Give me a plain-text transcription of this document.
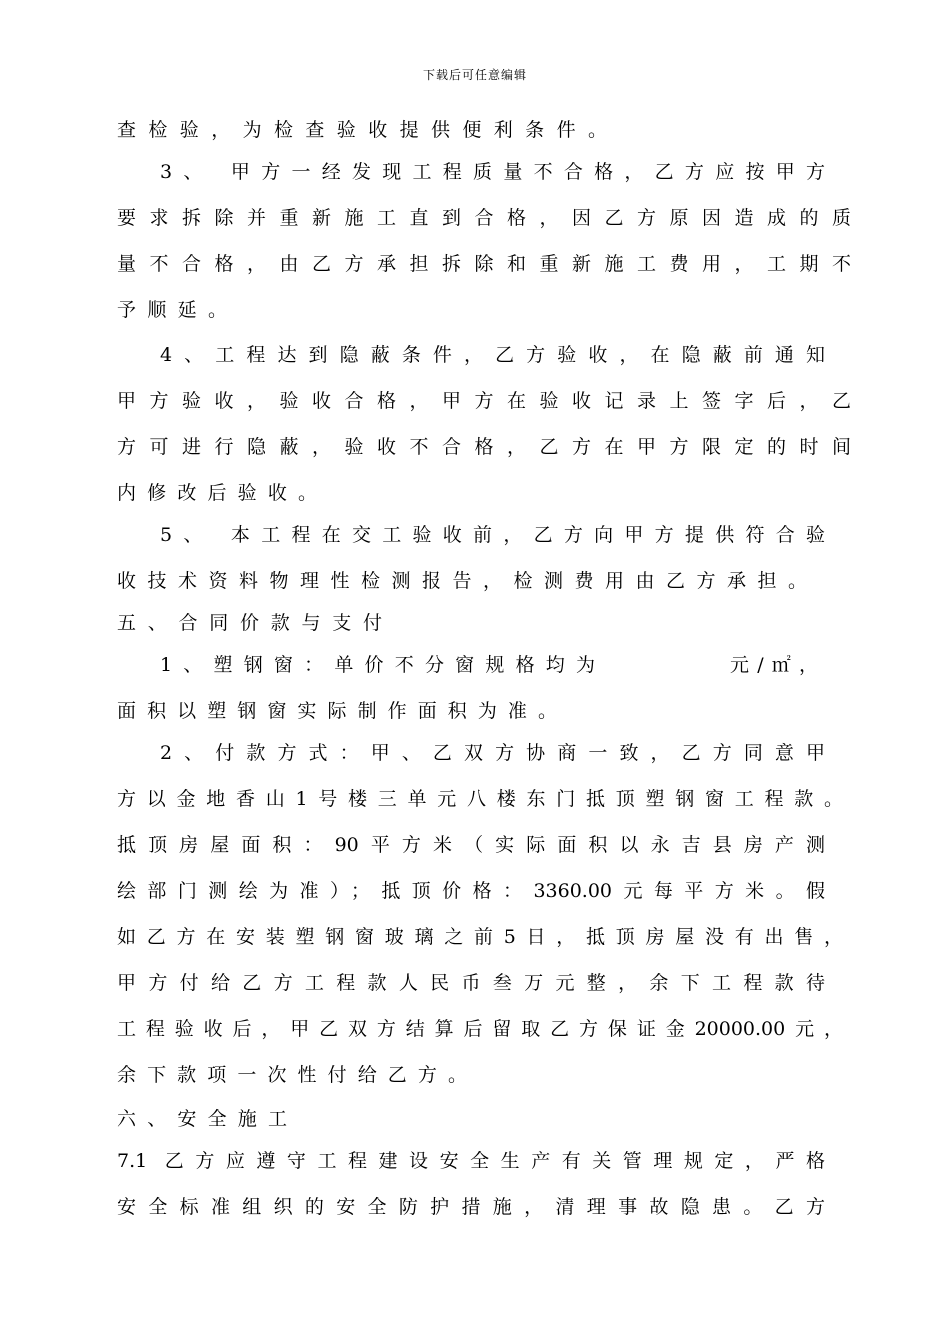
下载后可任意编辑
查检验，为检查验收提供便利条件。
3、 甲方一经发现工程质量不合格，乙方应按甲方
要求拆除并重新施工直到合格，因乙方原因造成的质
量不合格，由乙方承担拆除和重新施工费用，工期不
予顺延。
4、工程达到隐蔽条件，乙方验收，在隐蔽前通知
甲方验收，验收合格，甲方在验收记录上签字后，乙
方可进行隐蔽，验收不合格，乙方在甲方限定的时间
内修改后验收。
5、 本工程在交工验收前，乙方向甲方提供符合验
收技术资料物理性检测报告，检测费用由乙方承担。
五、合同价款与支付
1、塑钢窗：单价不分窗规格均为	元/㎡，
面积以塑钢窗实际制作面积为准。
2、付款方式：甲、乙双方协商一致，乙方同意甲
方以金地香山1号楼三单元八楼东门抵顶塑钢窗工程款。
抵顶房屋面积：90平方米（实际面积以永吉县房产测
绘部门测绘为准）；抵顶价格：3360.00元每平方米。假
如乙方在安装塑钢窗玻璃之前5日，抵顶房屋没有出售，
甲方付给乙方工程款人民币叁万元整，余下工程款待
工程验收后，甲乙双方结算后留取乙方保证金20000.00元，
余下款项一次性付给乙方。
六、安全施工
7.1 乙方应遵守工程建设安全生产有关管理规定，严格
安全标准组织的安全防护措施，清理事故隐患。乙方
